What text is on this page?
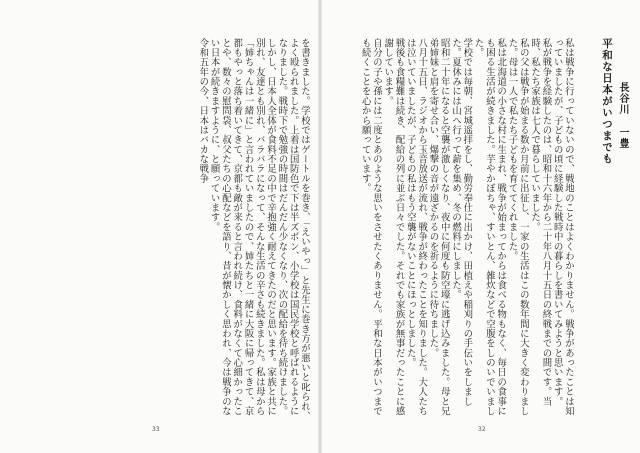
を書きました。学校ではゲートルを巻き、「えいやっ」と先生に巻き方が悪いと叱られ、よく殴られました。上着は国防色で下は半ズボン、小学校は国民学校と呼ばれるようになりました。戦時下で勉強の時間はだんだん少なくなり、次の配給を待ち続けました。
しかし、日本人全体が食料不足の中で辛抱強く耐えてきたのだと思います。家族と共に別れ、友達とも別れ、バラバラになって、そんな生活の辛さも続きました。私は母から「姉ちゃんは一緒に」と言われていましたので、姉たちと一緒に大阪に帰ってきて、京都もやっと落ち着いてきて、京都も敵が来ると言われ続け、食料がなくて心細かったことや、数々の慰問袋、叔父たちの心配などを語り、昔が懐かしく思われ、今は戦争のない日本が続きますように、と願っています。
令和五年の今、日本はバカな戦争
33
平和な日本がいつまでも 長谷川 一豊
私は戦争に行っていないので、戦地のことはよくわかりません。戦争があったことは知っていましたが、子どもの頃に経験した戦時中の暮らしを書いてみようと思います。
私が戦争を経験したのは、昭和十六年から二十年八月十五日の終戦までの間です。当時、私たち家族は七人で暮らしていました。
私の父は戦争が始まる数か月前に出征し、一家の生活はこの数年間に大きく変わりました。母は一人で私たち子どもを育ててくれました。
私は北海道の小さな村に生まれ、戦争が始まってからは食べる物もなく、毎日の食事にも困る生活が続きました。芋やかぼちゃ、すいとん、雑炊などで空腹をしのいでいました。
学校では毎朝、宮城遥拝をし、勤労奉仕に出かけ、田植えや稲刈りの手伝いをしました。夏休みには山へ行って薪を集め、冬の燃料にしました。
昭和二十年になると空襲が激しくなり、夜中に何度も防空壕に逃げ込みました。母と兄弟姉妹と肩を寄せ合い、爆撃の音が遠ざかるのを祈るように待ちました。
八月十五日、ラジオから玉音放送が流れ、戦争が終わったことを知りました。大人たちは泣いていましたが、子どもの私はもう空襲がないことにほっとしました。
戦後も食糧難は続き、配給の列に並ぶ日々でした。それでも家族が無事だったことに感謝しています。
自分の子や孫には二度とあのような思いをさせたくありません。平和な日本がいつまでも続くことを心から願っています。
32
